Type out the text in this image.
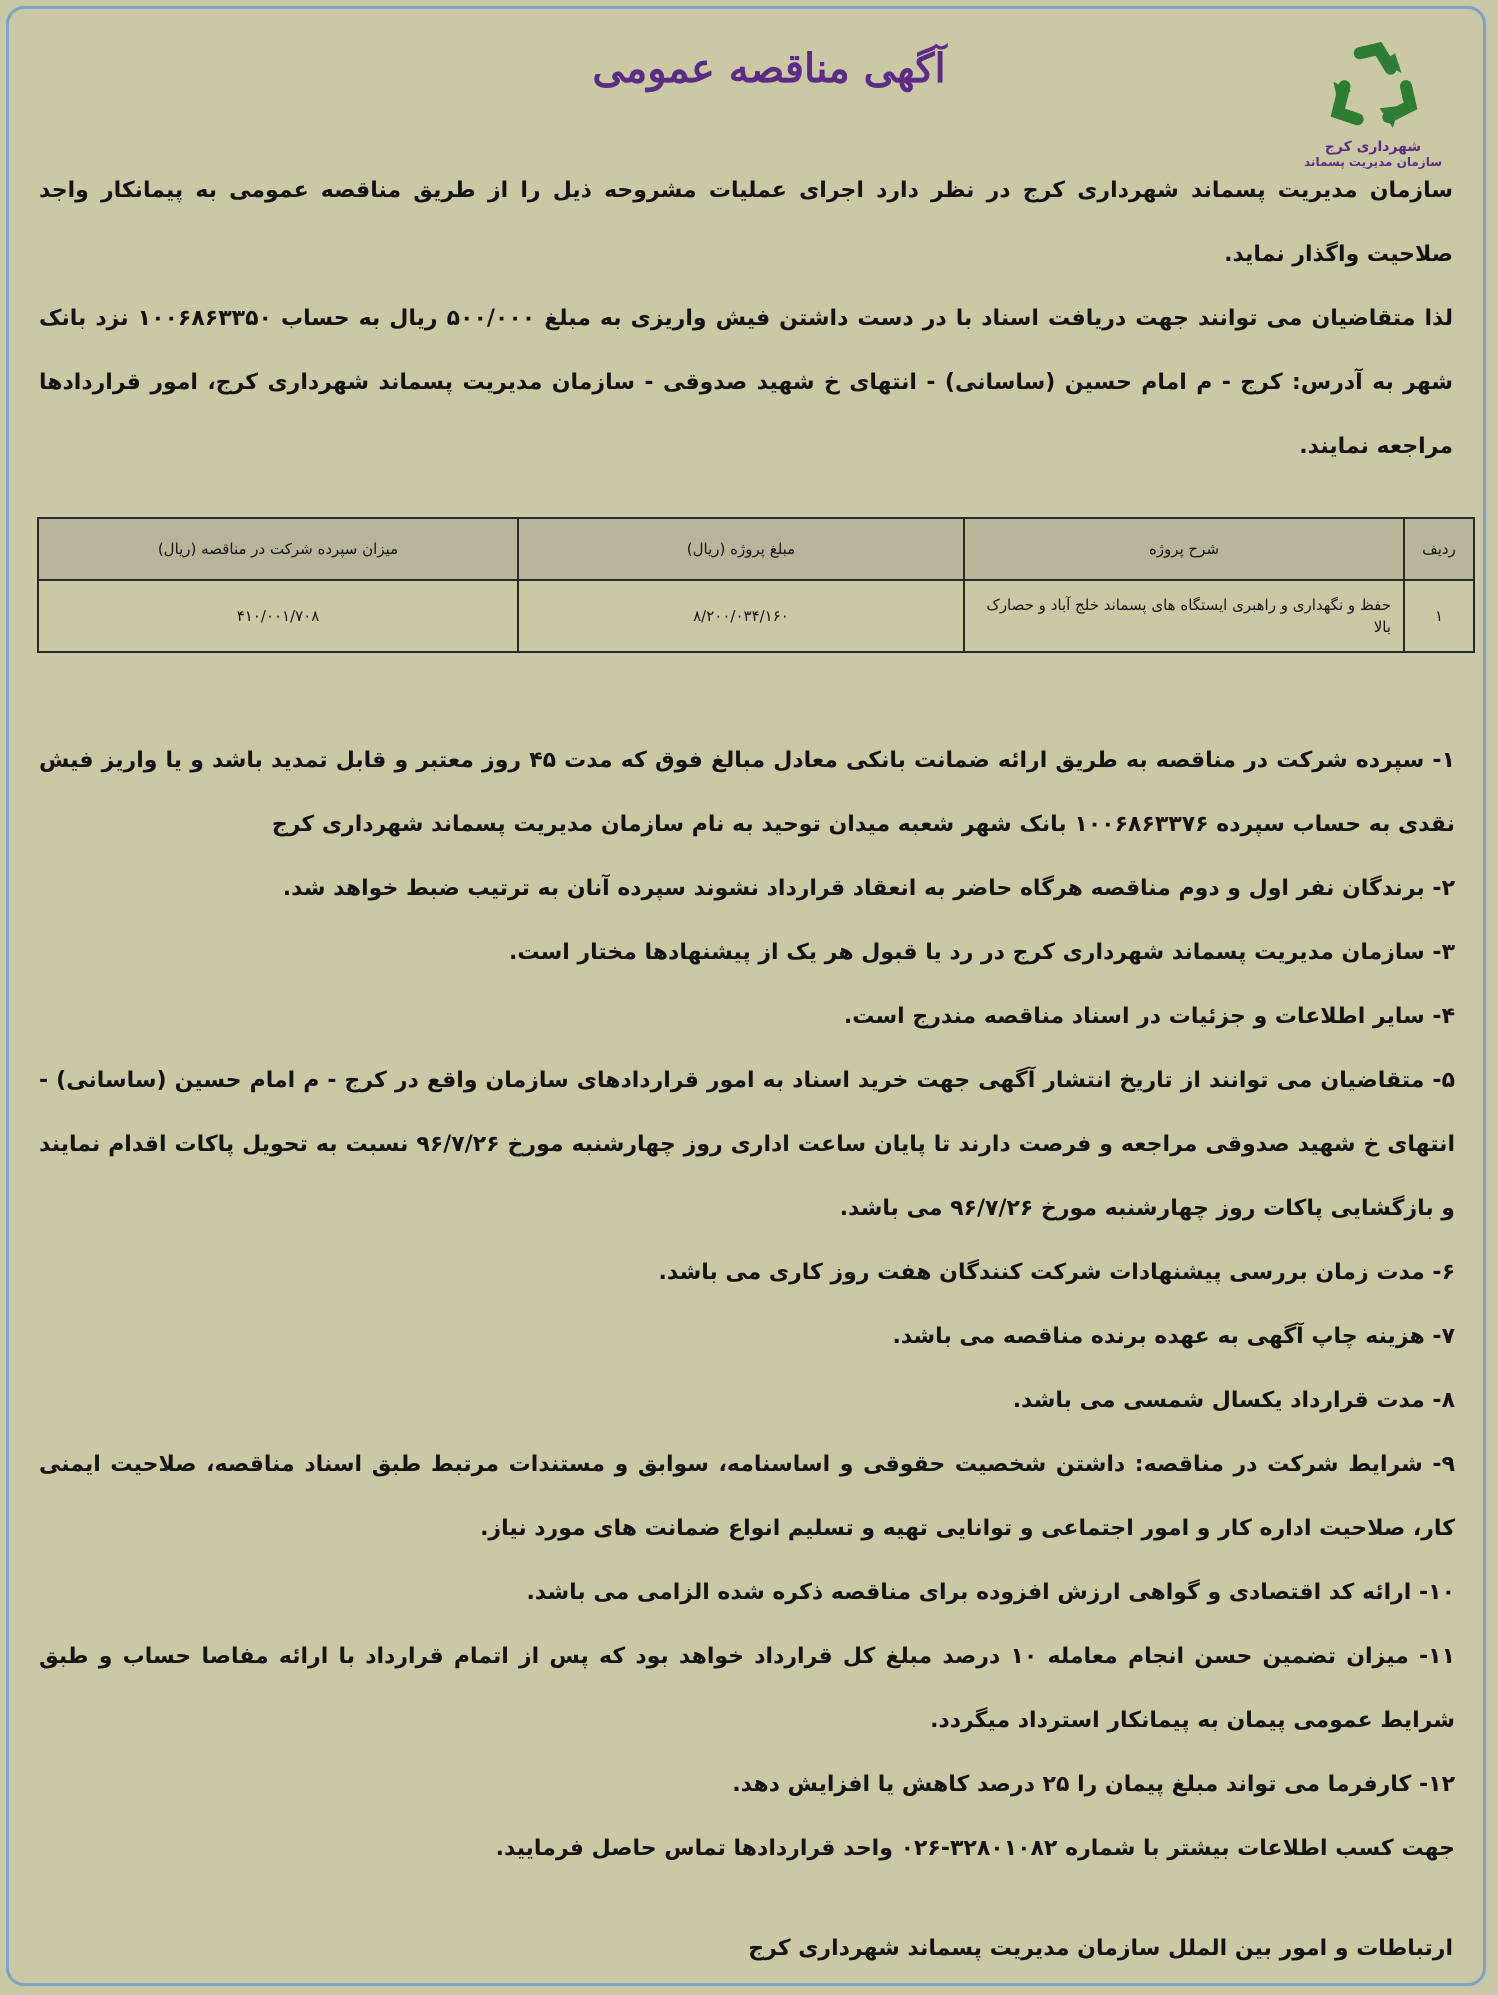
شهرداری کرج
سازمان مدیریت پسماند
آگهی مناقصه عمومی

سازمان مدیریت پسماند شهرداری کرج در نظر دارد اجرای عملیات مشروحه ذیل را از طریق مناقصه عمومی به پیمانکار واجد صلاحیت واگذار نماید.

لذا متقاضیان می توانند جهت دریافت اسناد با در دست داشتن فیش واریزی به مبلغ ۵۰۰/۰۰۰ ریال به حساب ۱۰۰۶۸۶۳۳۵۰ نزد بانک شهر به آدرس: کرج - م امام حسین (ساسانی) - انتهای خ شهید صدوقی - سازمان مدیریت پسماند شهرداری کرج، امور قراردادها مراجعه نمایند.

ردیف	شرح پروژه	مبلغ پروژه (ریال)	میزان سپرده شرکت در مناقصه (ریال)
۱	حفظ و نگهداری و راهبری ایستگاه های پسماند خلج آباد و حصارک بالا	۸/۲۰۰/۰۳۴/۱۶۰	۴۱۰/۰۰۱/۷۰۸

۱- سپرده شرکت در مناقصه به طریق ارائه ضمانت بانکی معادل مبالغ فوق که مدت ۴۵ روز معتبر و قابل تمدید باشد و یا واریز فیش نقدی به حساب سپرده ۱۰۰۶۸۶۳۳۷۶ بانک شهر شعبه میدان توحید به نام سازمان مدیریت پسماند شهرداری کرج

۲- برندگان نفر اول و دوم مناقصه هرگاه حاضر به انعقاد قرارداد نشوند سپرده آنان به ترتیب ضبط خواهد شد.

۳- سازمان مدیریت پسماند شهرداری کرج در رد یا قبول هر یک از پیشنهادها مختار است.

۴- سایر اطلاعات و جزئیات در اسناد مناقصه مندرج است.

۵- متقاضیان می توانند از تاریخ انتشار آگهی جهت خرید اسناد به امور قراردادهای سازمان واقع در کرج - م امام حسین (ساسانی) - انتهای خ شهید صدوقی مراجعه و فرصت دارند تا پایان ساعت اداری روز چهارشنبه مورخ ۹۶/۷/۲۶ نسبت به تحویل پاکات اقدام نمایند و بازگشایی پاکات روز چهارشنبه مورخ ۹۶/۷/۲۶ می باشد.

۶- مدت زمان بررسی پیشنهادات شرکت کنندگان هفت روز کاری می باشد.

۷- هزینه چاپ آگهی به عهده برنده مناقصه می باشد.

۸- مدت قرارداد یکسال شمسی می باشد.

۹- شرایط شرکت در مناقصه: داشتن شخصیت حقوقی و اساسنامه، سوابق و مستندات مرتبط طبق اسناد مناقصه، صلاحیت ایمنی کار، صلاحیت اداره کار و امور اجتماعی و توانایی تهیه و تسلیم انواع ضمانت های مورد نیاز.

۱۰- ارائه کد اقتصادی و گواهی ارزش افزوده برای مناقصه ذکره شده الزامی می باشد.

۱۱- میزان تضمین حسن انجام معامله ۱۰ درصد مبلغ کل قرارداد خواهد بود که پس از اتمام قرارداد با ارائه مفاصا حساب و طبق شرایط عمومی پیمان به پیمانکار استرداد میگردد.

۱۲- کارفرما می تواند مبلغ پیمان را ۲۵ درصد کاهش یا افزایش دهد.

جهت کسب اطلاعات بیشتر با شماره ۳۲۸۰۱۰۸۲-۰۲۶ واحد قراردادها تماس حاصل فرمایید.

ارتباطات و امور بین الملل سازمان مدیریت پسماند شهرداری کرج
